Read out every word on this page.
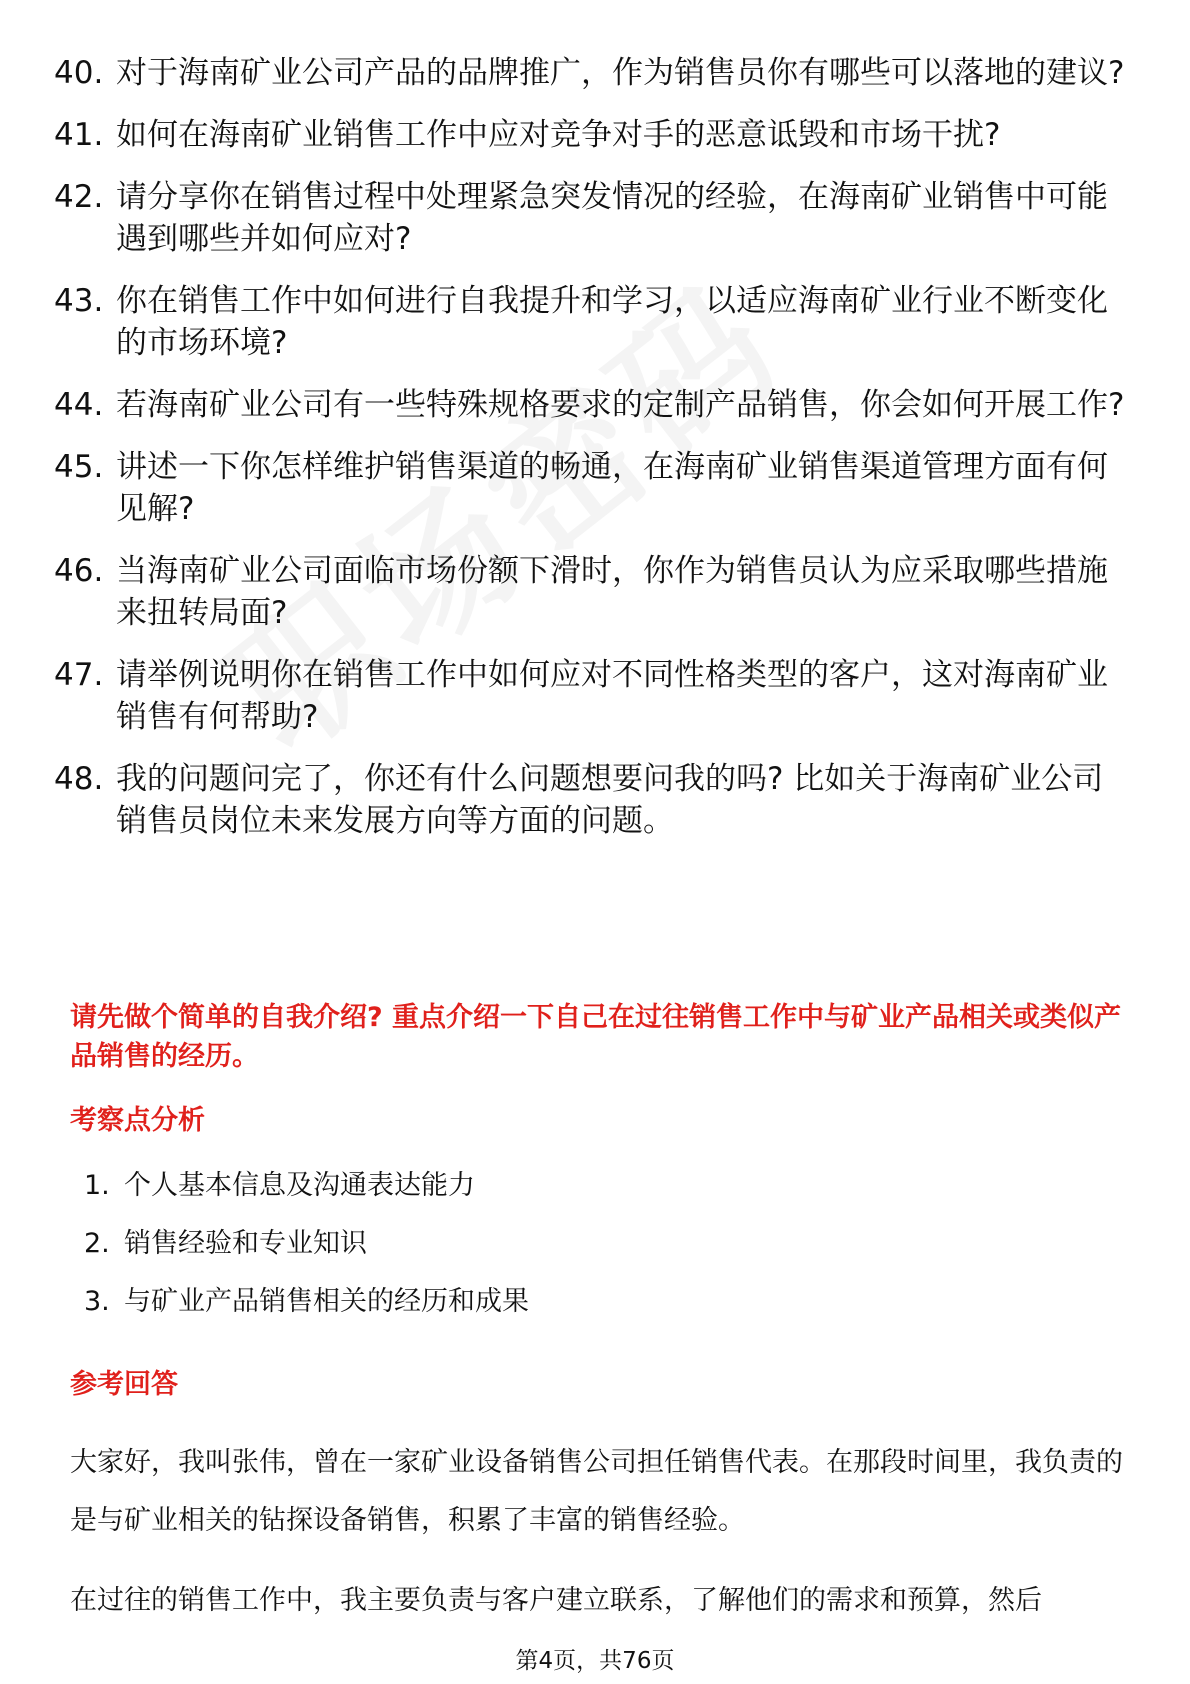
40. 对于海南矿业公司产品的品牌推广，作为销售员你有哪些可以落地的建议?
41. 如何在海南矿业销售工作中应对竞争对手的恶意诋毁和市场干扰?
42. 请分享你在销售过程中处理紧急突发情况的经验，在海南矿业销售中可能遇到哪些并如何应对?
43. 你在销售工作中如何进行自我提升和学习，以适应海南矿业行业不断变化的市场环境?
44. 若海南矿业公司有一些特殊规格要求的定制产品销售，你会如何开展工作?
45. 讲述一下你怎样维护销售渠道的畅通，在海南矿业销售渠道管理方面有何见解?
46. 当海南矿业公司面临市场份额下滑时，你作为销售员认为应采取哪些措施来扭转局面?
47. 请举例说明你在销售工作中如何应对不同性格类型的客户，这对海南矿业销售有何帮助?
48. 我的问题问完了，你还有什么问题想要问我的吗? 比如关于海南矿业公司销售员岗位未来发展方向等方面的问题。

请先做个简单的自我介绍? 重点介绍一下自己在过往销售工作中与矿业产品相关或类似产品销售的经历。

考察点分析
1. 个人基本信息及沟通表达能力
2. 销售经验和专业知识
3. 与矿业产品销售相关的经历和成果
参考回答

大家好，我叫张伟，曾在一家矿业设备销售公司担任销售代表。在那段时间里，我负责的是与矿业相关的钻探设备销售，积累了丰富的销售经验。

在过往的销售工作中，我主要负责与客户建立联系，了解他们的需求和预算，然后

第4页，共76页
